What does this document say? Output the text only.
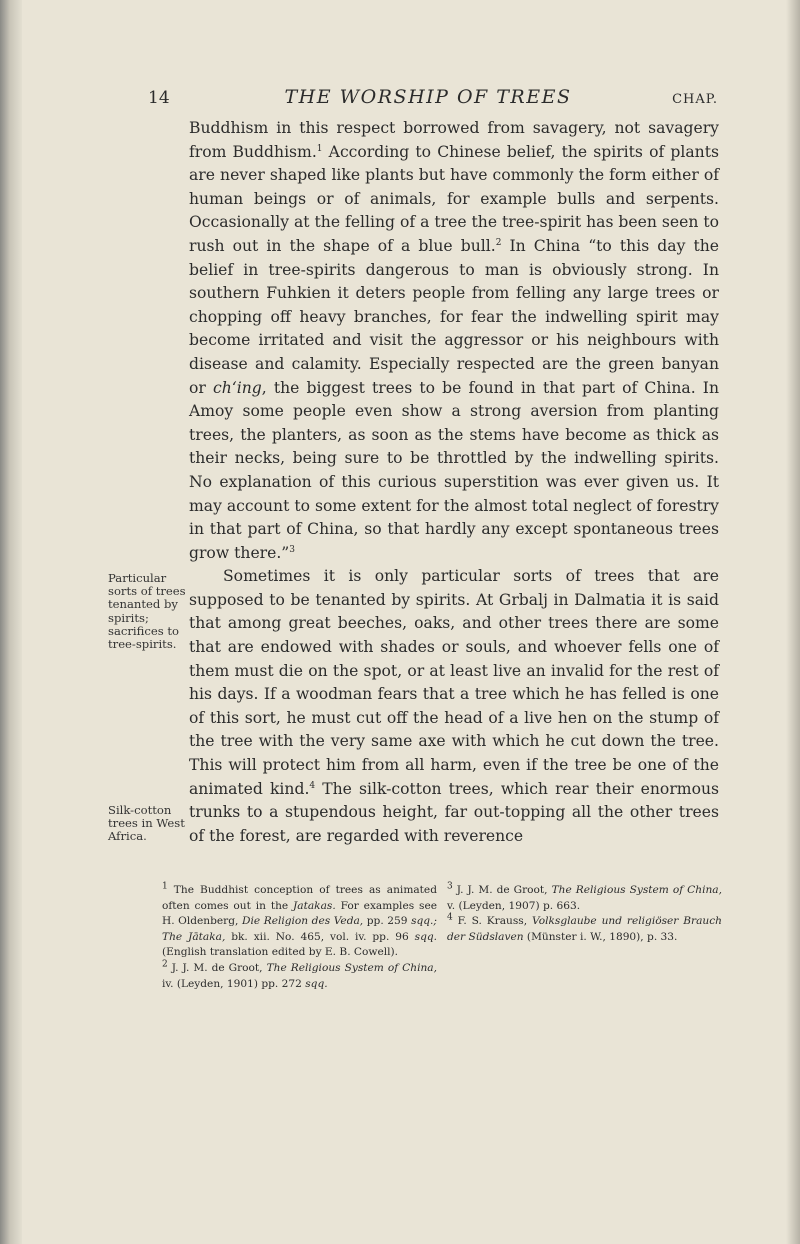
14	THE WORSHIP OF TREES	CHAP.

Buddhism in this respect borrowed from savagery, not savagery from Buddhism.$^1$ According to Chinese belief, the spirits of plants are never shaped like plants but have commonly the form either of human beings or of animals, for example bulls and serpents. Occasionally at the felling of a tree the tree-spirit has been seen to rush out in the shape of a blue bull.$^2$ In China “to this day the belief in tree-spirits dangerous to man is obviously strong. In southern Fuhkien it deters people from felling any large trees or chopping off heavy branches, for fear the indwelling spirit may become irritated and visit the aggressor or his neighbours with disease and calamity. Especially respected are the green banyan or ch‘ing, the biggest trees to be found in that part of China. In Amoy some people even show a strong aversion from planting trees, the planters, as soon as the stems have become as thick as their necks, being sure to be throttled by the indwelling spirits. No explanation of this curious superstition was ever given us. It may account to some extent for the almost total neglect of forestry in that part of China, so that hardly any except spontaneous trees grow there.”$^3$

Sometimes it is only particular sorts of trees that are supposed to be tenanted by spirits. At Grbalj in Dalmatia it is said that among great beeches, oaks, and other trees there are some that are endowed with shades or souls, and whoever fells one of them must die on the spot, or at least live an invalid for the rest of his days. If a woodman fears that a tree which he has felled is one of this sort, he must cut off the head of a live hen on the stump of the tree with the very same axe with which he cut down the tree. This will protect him from all harm, even if the tree be one of the animated kind.$^4$ The silk-cotton trees, which rear their enormous trunks to a stupendous height, far out-topping all the other trees of the forest, are regarded with reverence

Particular sorts of trees tenanted by spirits; sacrifices to tree-spirits.
Silk-cotton trees in West Africa.

$^1$ The Buddhist conception of trees as animated often comes out in the Jatakas. For examples see H. Oldenberg, Die Religion des Veda, pp. 259 sqq.; The Jātaka, bk. xii. No. 465, vol. iv. pp. 96 sqq. (English translation edited by E. B. Cowell).

$^2$ J. J. M. de Groot, The Religious System of China, iv. (Leyden, 1901) pp. 272 sqq.

$^3$ J. J. M. de Groot, The Religious System of China, v. (Leyden, 1907) p. 663.

$^4$ F. S. Krauss, Volksglaube und religiöser Brauch der Südslaven (Münster i. W., 1890), p. 33.
